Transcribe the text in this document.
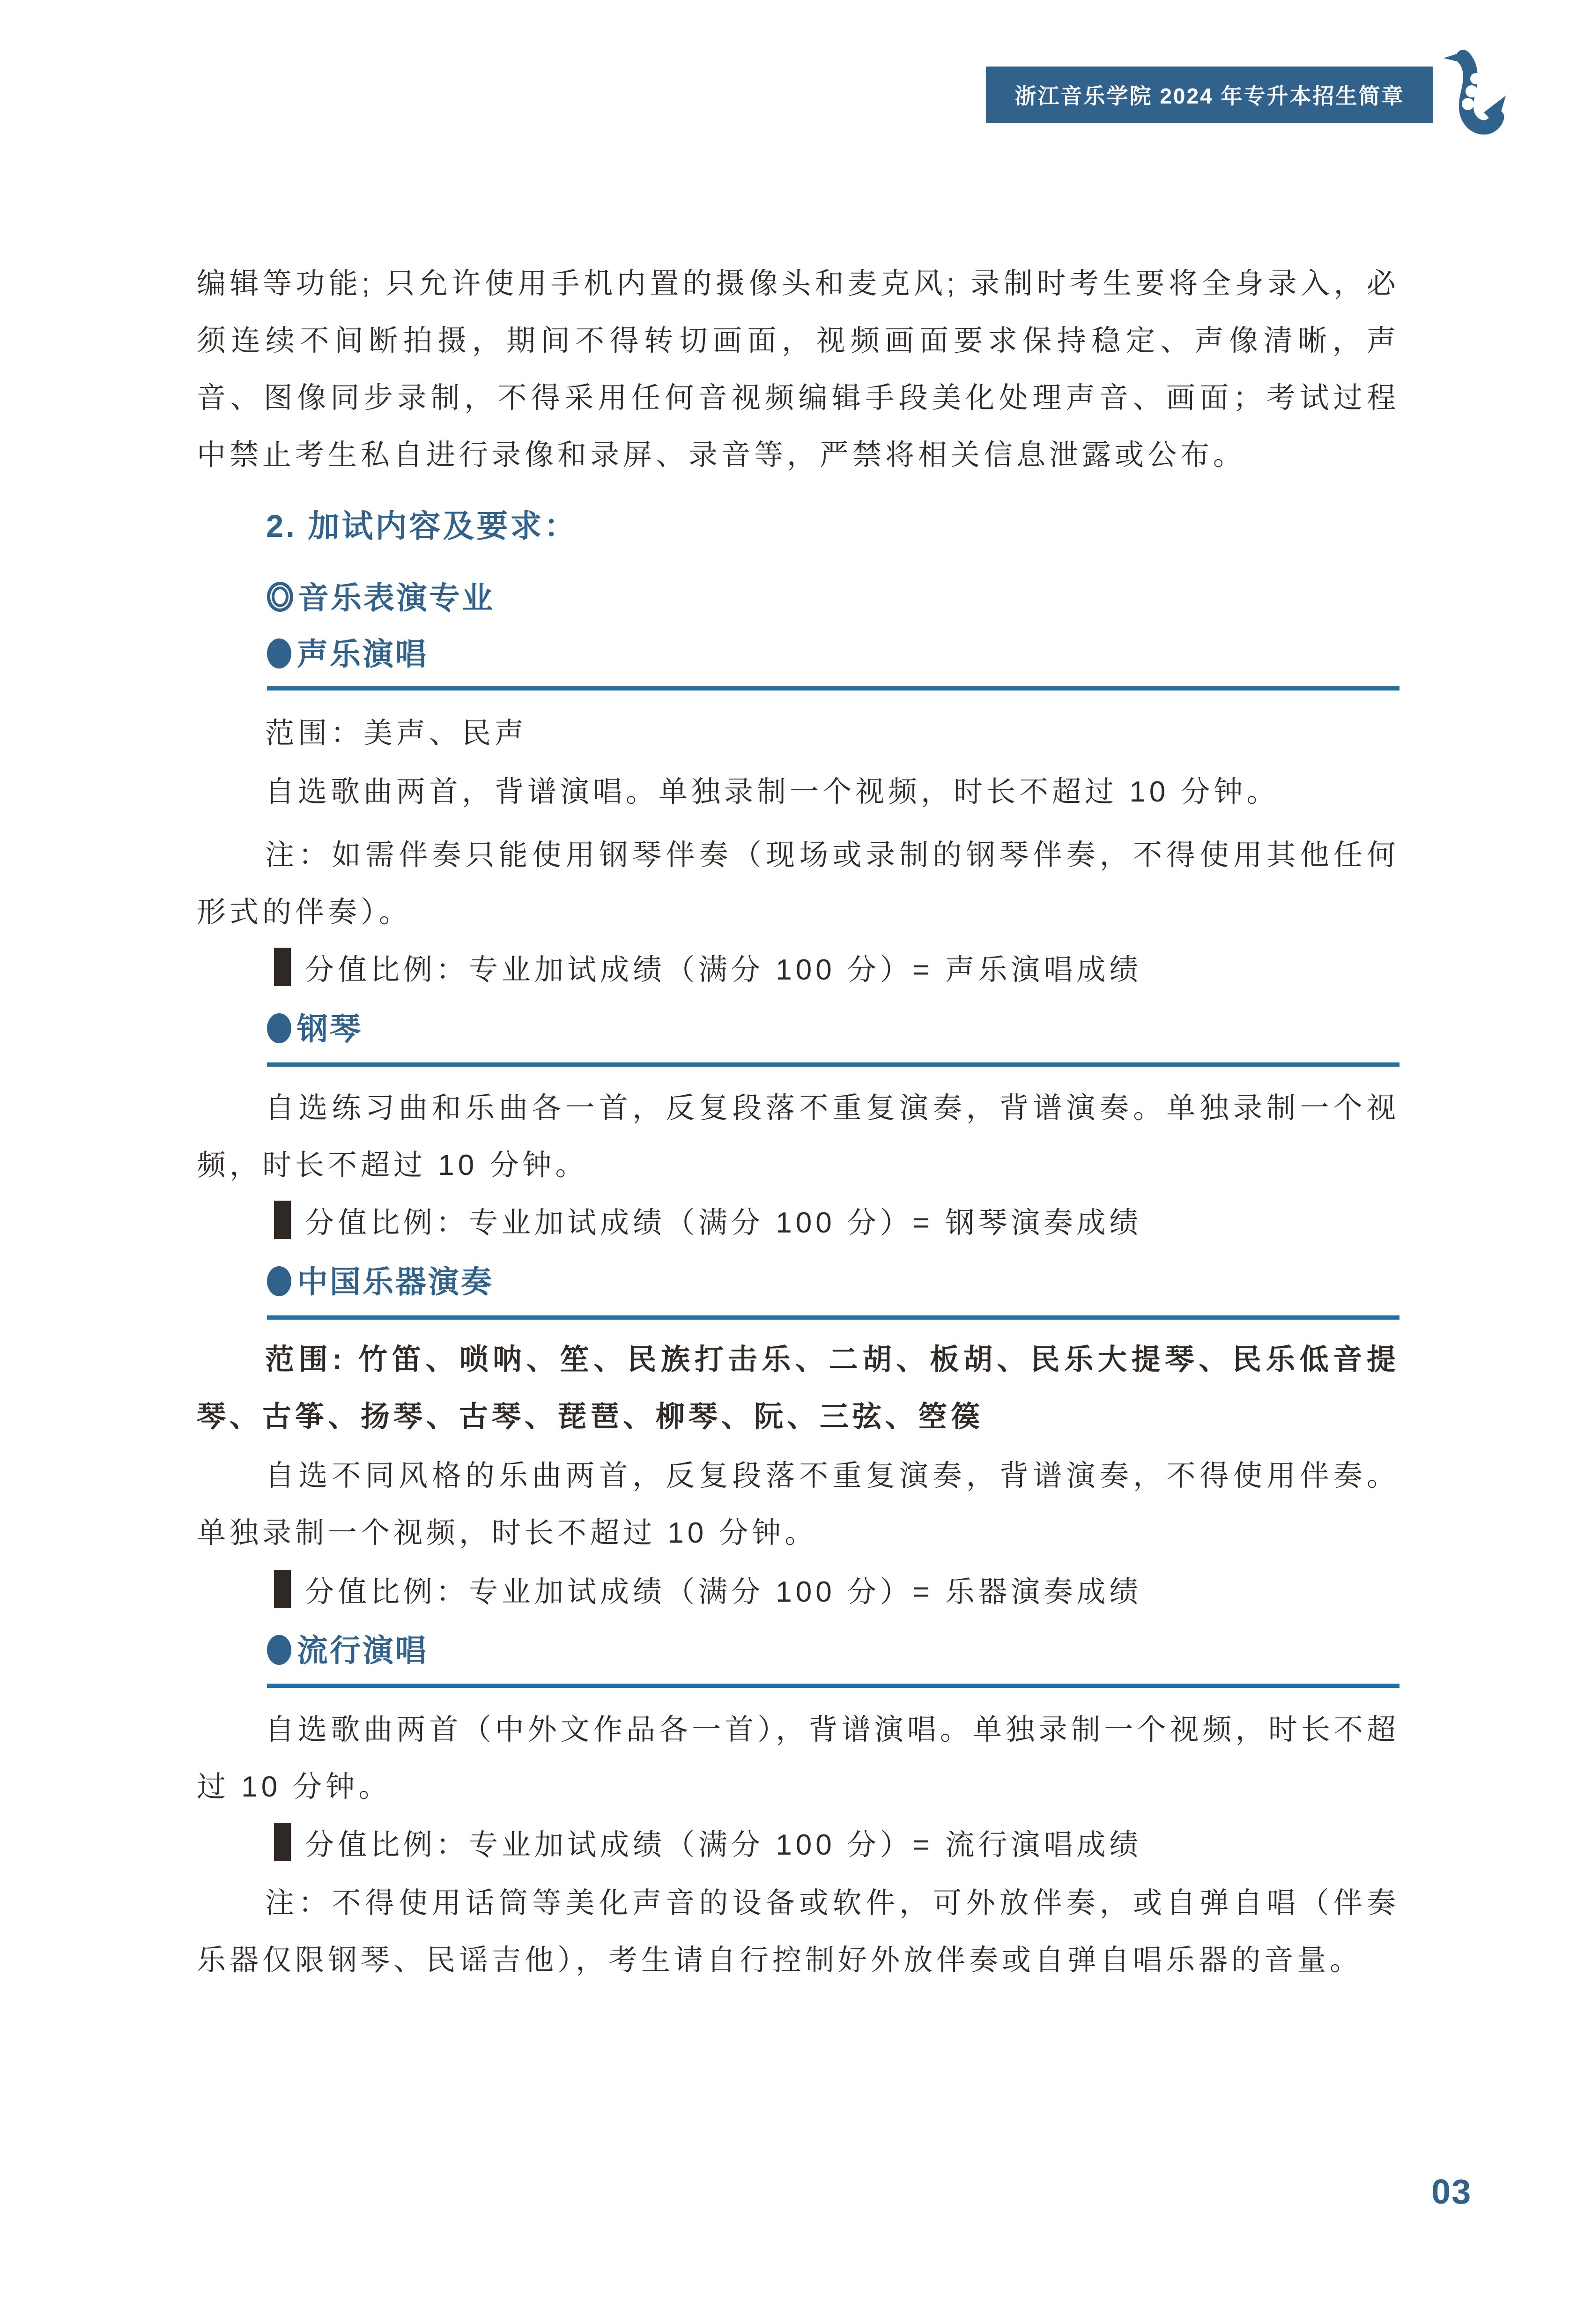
浙江音乐学院 2024 年专升本招生简章

编辑等功能; 只允许使用手机内置的摄像头和麦克风; 录制时考生要将全身录入，必须连续不间断拍摄，期间不得转切画面，视频画面要求保持稳定、声像清晰，声音、图像同步录制，不得采用任何音视频编辑手段美化处理声音、画面；考试过程中禁止考生私自进行录像和录屏、录音等，严禁将相关信息泄露或公布。

2. 加试内容及要求：
音乐表演专业
声乐演唱

范围：美声、民声

自选歌曲两首，背谱演唱。单独录制一个视频，时长不超过 10 分钟。

注：如需伴奏只能使用钢琴伴奏（现场或录制的钢琴伴奏，不得使用其他任何形式的伴奏）。

分值比例：专业加试成绩（满分 100 分）= 声乐演唱成绩

钢琴

自选练习曲和乐曲各一首，反复段落不重复演奏，背谱演奏。单独录制一个视频，时长不超过 10 分钟。

分值比例：专业加试成绩（满分 100 分）= 钢琴演奏成绩

中国乐器演奏

范围: 竹笛、唢呐、笙、民族打击乐、二胡、板胡、民乐大提琴、民乐低音提琴、古筝、扬琴、古琴、琵琶、柳琴、阮、三弦、箜篌

自选不同风格的乐曲两首，反复段落不重复演奏，背谱演奏，不得使用伴奏。单独录制一个视频，时长不超过 10 分钟。

分值比例：专业加试成绩（满分 100 分）= 乐器演奏成绩

流行演唱

自选歌曲两首（中外文作品各一首），背谱演唱。单独录制一个视频，时长不超过 10 分钟。

分值比例：专业加试成绩（满分 100 分）= 流行演唱成绩

注：不得使用话筒等美化声音的设备或软件，可外放伴奏，或自弹自唱（伴奏乐器仅限钢琴、民谣吉他），考生请自行控制好外放伴奏或自弹自唱乐器的音量。

03
